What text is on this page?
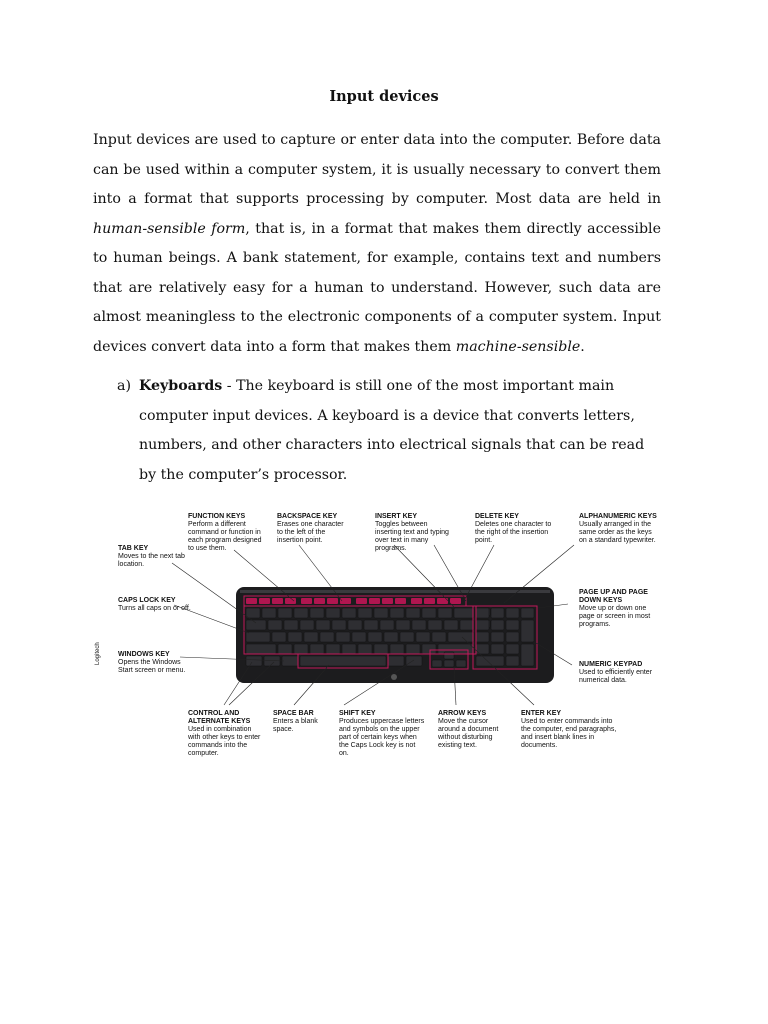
Input devices

Input devices are used to capture or enter data into the computer. Before data can be used within a computer system, it is usually necessary to convert them into a format that supports processing by computer. Most data are held in human-sensible form, that is, in a format that makes them directly accessible to human beings. A bank statement, for example, contains text and numbers that are relatively easy for a human to understand. However, such data are almost meaningless to the electronic components of a computer system. Input devices convert data into a form that makes them machine-sensible.

a) Keyboards - The keyboard is still one of the most important main computer input devices. A keyboard is a device that converts letters, numbers, and other characters into electrical signals that can be read by the computer’s processor.
FUNCTION KEYS
Perform a different command or function in each program designed to use them.
BACKSPACE KEY
Erases one character to the left of the insertion point.
INSERT KEY
Toggles between inserting text and typing over text in many programs.
DELETE KEY
Deletes one character to the right of the insertion point.
ALPHANUMERIC KEYS
Usually arranged in the same order as the keys on a standard typewriter.
TAB KEY
Moves to the next tab location.
CAPS LOCK KEY
Turns all caps on or off.
WINDOWS KEY
Opens the Windows Start screen or menu.
PAGE UP AND PAGE DOWN KEYS
Move up or down one page or screen in most programs.
NUMERIC KEYPAD
Used to efficiently enter numerical data.
CONTROL AND ALTERNATE KEYS
Used in combination with other keys to enter commands into the computer.
SPACE BAR
Enters a blank space.
SHIFT KEY
Produces uppercase letters and symbols on the upper part of certain keys when the Caps Lock key is not on.
ARROW KEYS
Move the cursor around a document without disturbing existing text.
ENTER KEY
Used to enter commands into the computer, end paragraphs, and insert blank lines in documents.
Logitech
